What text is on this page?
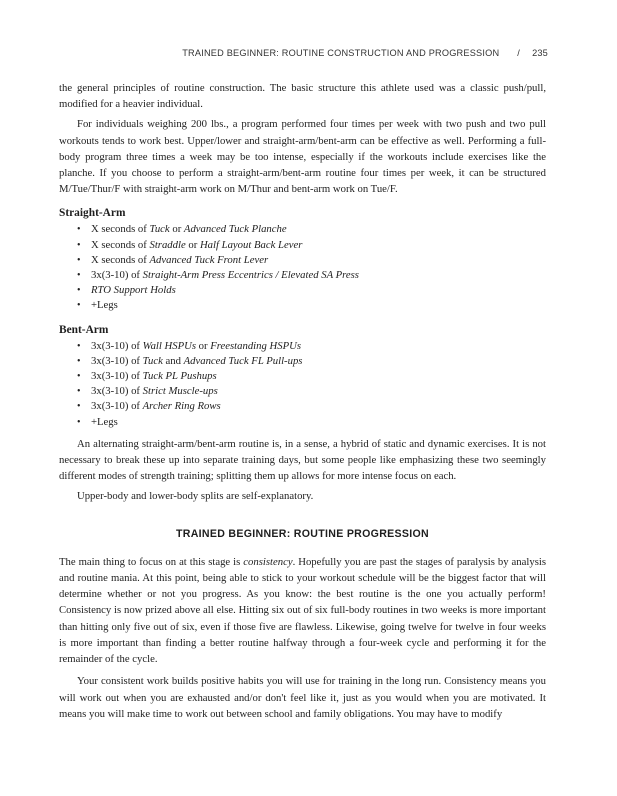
TRAINED BEGINNER: ROUTINE CONSTRUCTION AND PROGRESSION / 235

the general principles of routine construction. The basic structure this athlete used was a classic push/pull, modified for a heavier individual.

For individuals weighing 200 lbs., a program performed four times per week with two push and two pull workouts tends to work best. Upper/lower and straight-arm/bent-arm can be effective as well. Performing a full-body program three times a week may be too intense, especially if the workouts include exercises like the planche. If you choose to perform a straight-arm/bent-arm routine four times per week, it can be structured M/Tue/Thur/F with straight-arm work on M/Thur and bent-arm work on Tue/F.

Straight-Arm
• X seconds of Tuck or Advanced Tuck Planche
• X seconds of Straddle or Half Layout Back Lever
• X seconds of Advanced Tuck Front Lever
• 3x(3-10) of Straight-Arm Press Eccentrics / Elevated SA Press
• RTO Support Holds
• +Legs
Bent-Arm
• 3x(3-10) of Wall HSPUs or Freestanding HSPUs
• 3x(3-10) of Tuck and Advanced Tuck FL Pull-ups
• 3x(3-10) of Tuck PL Pushups
• 3x(3-10) of Strict Muscle-ups
• 3x(3-10) of Archer Ring Rows
• +Legs

An alternating straight-arm/bent-arm routine is, in a sense, a hybrid of static and dynamic exercises. It is not necessary to break these up into separate training days, but some people like emphasizing these two seemingly different modes of strength training; splitting them up allows for more intense focus on each.

Upper-body and lower-body splits are self-explanatory.

TRAINED BEGINNER: ROUTINE PROGRESSION

The main thing to focus on at this stage is consistency. Hopefully you are past the stages of paralysis by analysis and routine mania. At this point, being able to stick to your workout schedule will be the biggest factor that will determine whether or not you progress. As you know: the best routine is the one you actually perform! Consistency is now prized above all else. Hitting six out of six full-body routines in two weeks is more important than hitting only five out of six, even if those five are flawless. Likewise, going twelve for twelve in four weeks is more important than finding a better routine halfway through a four-week cycle and performing it for the remainder of the cycle.

Your consistent work builds positive habits you will use for training in the long run. Consistency means you will work out when you are exhausted and/or don't feel like it, just as you would when you are motivated. It means you will make time to work out between school and family obligations. You may have to modify
